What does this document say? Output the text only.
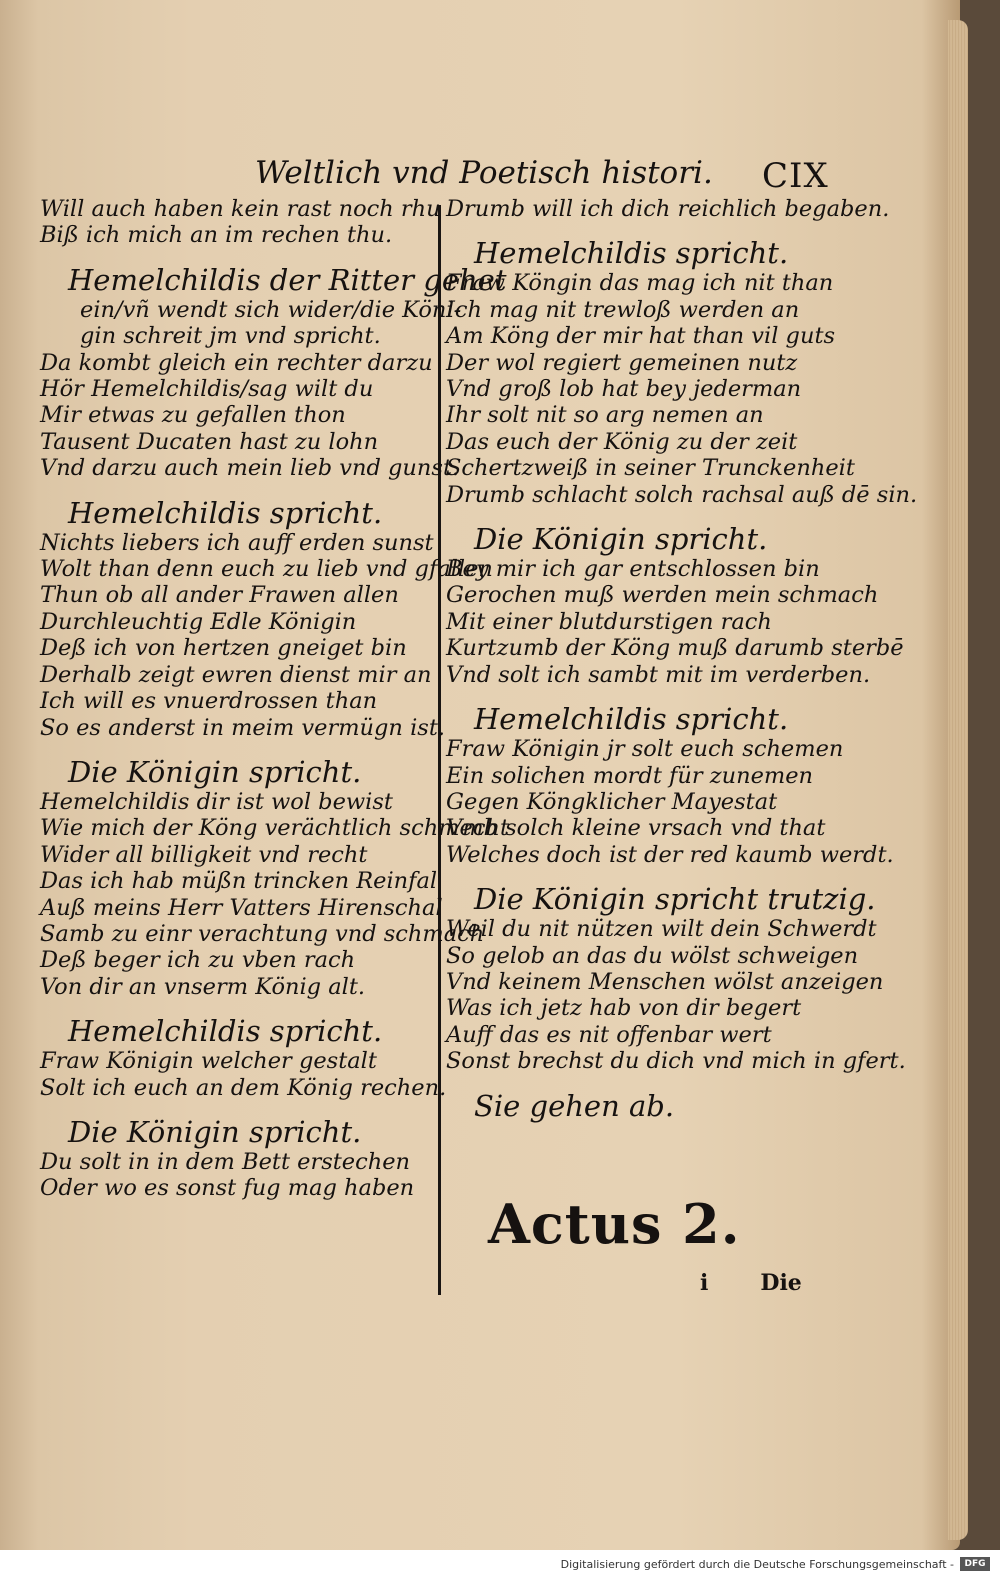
Weltlich vnd Poetisch histori. CIX
Will auch haben kein rast noch rhu
Biß ich mich an im rechen thu.
Hemelchildis der Ritter gehet
ein/vñ wendt sich wider/die Köni-
gin schreit jm vnd spricht.
Da kombt gleich ein rechter darzu
Hör Hemelchildis/sag wilt du
Mir etwas zu gefallen thon
Tausent Ducaten hast zu lohn
Vnd darzu auch mein lieb vnd gunst.
Hemelchildis spricht.
Nichts liebers ich auff erden sunst
Wolt than denn euch zu lieb vnd gfallen
Thun ob all ander Frawen allen
Durchleuchtig Edle Königin
Deß ich von hertzen gneiget bin
Derhalb zeigt ewren dienst mir an
Ich will es vnuerdrossen than
So es anderst in meim vermügn ist.
Die Königin spricht.
Hemelchildis dir ist wol bewist
Wie mich der Köng verächtlich schmecht
Wider all billigkeit vnd recht
Das ich hab müßn trincken Reinfal
Auß meins Herr Vatters Hirenschal
Samb zu einr verachtung vnd schmach
Deß beger ich zu vben rach
Von dir an vnserm König alt.
Hemelchildis spricht.
Fraw Königin welcher gestalt
Solt ich euch an dem König rechen.
Die Königin spricht.
Du solt in in dem Bett erstechen
Oder wo es sonst fug mag haben
Drumb will ich dich reichlich begaben.
Hemelchildis spricht.
Fraw Köngin das mag ich nit than
Ich mag nit trewloß werden an
Am Köng der mir hat than vil guts
Der wol regiert gemeinen nutz
Vnd groß lob hat bey jederman
Ihr solt nit so arg nemen an
Das euch der König zu der zeit
Schertzweiß in seiner Trunckenheit
Drumb schlacht solch rachsal auß dē sin.
Die Königin spricht.
Bey mir ich gar entschlossen bin
Gerochen muß werden mein schmach
Mit einer blutdurstigen rach
Kurtzumb der Köng muß darumb sterbē
Vnd solt ich sambt mit im verderben.
Hemelchildis spricht.
Fraw Königin jr solt euch schemen
Ein solichen mordt für zunemen
Gegen Köngklicher Mayestat
Vmb solch kleine vrsach vnd that
Welches doch ist der red kaumb werdt.
Die Königin spricht trutzig.
Weil du nit nützen wilt dein Schwerdt
So gelob an das du wölst schweigen
Vnd keinem Menschen wölst anzeigen
Was ich jetz hab von dir begert
Auff das es nit offenbar wert
Sonst brechst du dich vnd mich in gfert.
Sie gehen ab.
Actus 2.
i Die
Digitalisierung gefördert durch die Deutsche Forschungsgemeinschaft -	DFG
